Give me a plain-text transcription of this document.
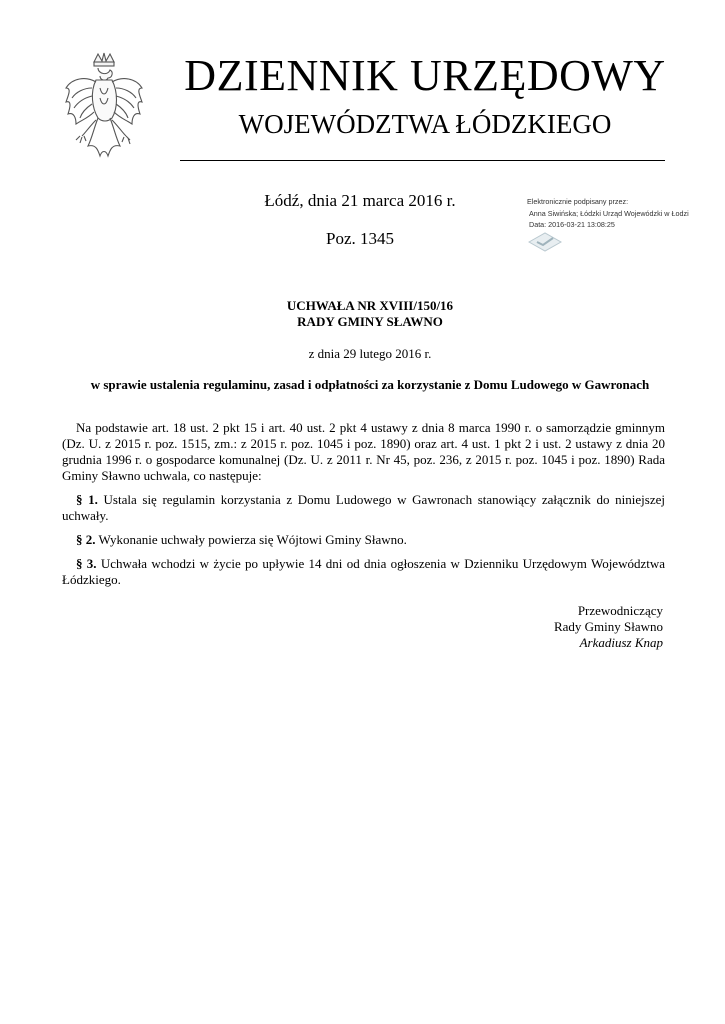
DZIENNIK URZĘDOWY
WOJEWÓDZTWA ŁÓDZKIEGO
Łódź, dnia 21 marca 2016 r.
Poz. 1345
Elektronicznie podpisany przez:
Anna Siwińska; Łódzki Urząd Wojewódzki w Łodzi
Data: 2016-03-21 13:08:25
UCHWAŁA NR XVIII/150/16
RADY GMINY SŁAWNO
z dnia 29 lutego 2016 r.
w sprawie ustalenia regulaminu, zasad i odpłatności za korzystanie z Domu Ludowego w Gawronach

Na podstawie art. 18 ust. 2 pkt 15 i art. 40 ust. 2 pkt 4 ustawy z dnia 8 marca 1990 r. o samorządzie gminnym (Dz. U. z 2015 r. poz. 1515, zm.: z 2015 r. poz. 1045 i poz. 1890) oraz art. 4 ust. 1 pkt 2 i ust. 2 ustawy z dnia 20 grudnia 1996 r. o gospodarce komunalnej (Dz. U. z 2011 r. Nr 45, poz. 236, z 2015 r. poz. 1045 i poz. 1890) Rada Gminy Sławno uchwala, co następuje:

§ 1. Ustala się regulamin korzystania z Domu Ludowego w Gawronach stanowiący załącznik do niniejszej uchwały.

§ 2. Wykonanie uchwały powierza się Wójtowi Gminy Sławno.

§ 3. Uchwała wchodzi w życie po upływie 14 dni od dnia ogłoszenia w Dzienniku Urzędowym Województwa Łódzkiego.

Przewodniczący
Rady Gminy Sławno
Arkadiusz Knap
